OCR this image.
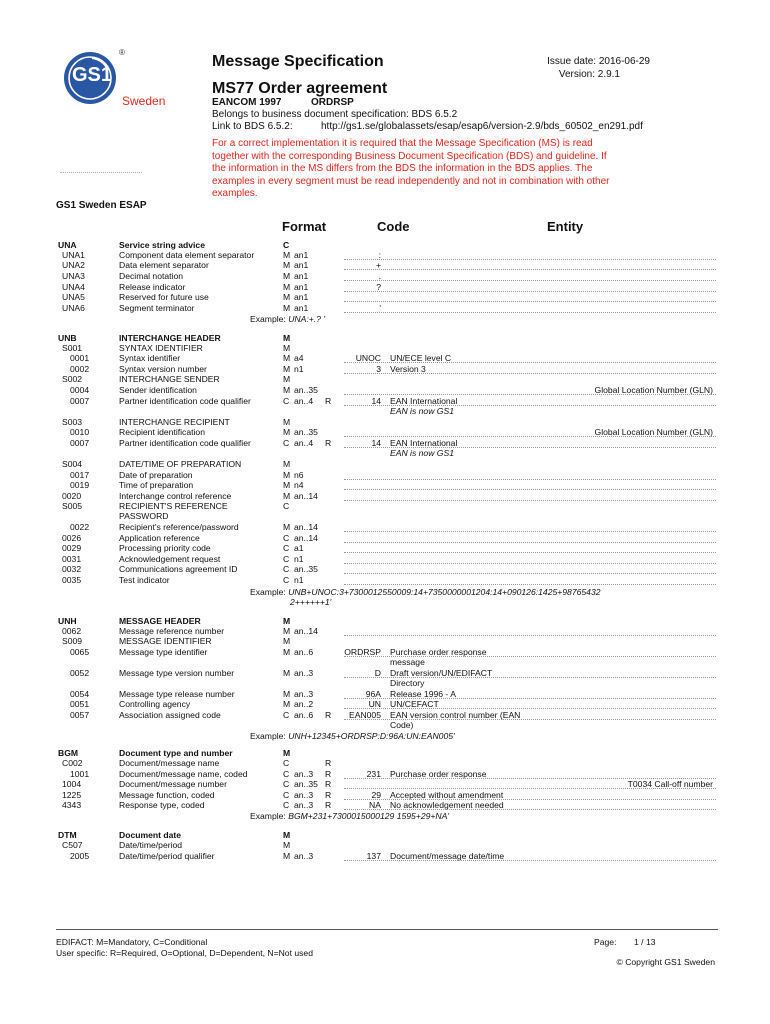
GS1
®
Sweden
Message Specification	Issue date: 2016-06-29
Version: 2.9.1
MS77 Order agreement
EANCOM 1997	ORDRSP
Belongs to business document specification: BDS 6.5.2
Link to BDS 6.5.2:	http://gs1.se/globalassets/esap/esap6/version-2.9/bds_60502_en291.pdf
For a correct implementation it is required that the Message Specification (MS) is read
together with the corresponding Business Document Specification (BDS) and guideline. If
the information in the MS differs from the BDS the information in the BDS applies. The
examples in every segment must be read independently and not in combination with other
examples.
GS1 Sweden ESAP
Format	Code	Entity
UNA	Service string advice	C
UNA1	Component data element separator	M an1	:
UNA2	Data element separator	M an1	+
UNA3	Decimal notation	M an1	.
UNA4	Release indicator	M an1	?
UNA5	Reserved for future use	M an1
UNA6	Segment terminator	M an1	'
UNB	INTERCHANGE HEADER	M
S001	SYNTAX IDENTIFIER	M
0001	Syntax identifier	M a4	UNOC UN/ECE level C
0002	Syntax version number	M n1	3 Version 3
S002	INTERCHANGE SENDER	M
0004	Sender identification	M an..35	Global Location Number (GLN)
0007	Partner identification code qualifier	C an..4 R	14 EAN International
EAN is now GS1
S003	INTERCHANGE RECIPIENT	M
0010	Recipient identification	M an..35	Global Location Number (GLN)
0007	Partner identification code qualifier	C an..4 R	14 EAN International
EAN is now GS1
S004	DATE/TIME OF PREPARATION	M
0017	Date of preparation	M n6
0019	Time of preparation	M n4
0020	Interchange control reference	M an..14
S005	RECIPIENT'S REFERENCE	C
PASSWORD
0022	Recipient's reference/password	M an..14
0026	Application reference	C an..14
0029	Processing priority code	C a1
0031	Acknowledgement request	C n1
0032	Communications agreement ID	C an..35
0035	Test indicator	C n1
UNH	MESSAGE HEADER	M
0062	Message reference number	M an..14
S009	MESSAGE IDENTIFIER	M
0065	Message type identifier	M an..6	ORDRSP Purchase order response
message
0052	Message type version number	M an..3	D Draft version/UN/EDIFACT
Directory
0054	Message type release number	M an..3	96A Release 1996 - A
0051	Controlling agency	M an..2	UN UN/CEFACT
0057	Association assigned code	C an..6 R EAN005 EAN version control number (EAN
Code)
BGM	Document type and number	M
C002	Document/message name	C	R
1001	Document/message name, coded	C an..3 R	231 Purchase order response
1004	Document/message number	C an..35 R	T0034 Call-off number
1225	Message function, coded	C an..3 R	29 Accepted without amendment
4343	Response type, coded	C an..3 R	NA No acknowledgement needed
DTM	Document date	M
C507	Date/time/period	M
2005	Date/time/period qualifier	M an..3	137 Document/message date/time
Example: UNA:+.? '
Example: UNB+UNOC:3+7300012550009:14+7350000001204:14+090126:1425+98765432
2++++++1'
Example: UNH+12345+ORDRSP:D:96A:UN:EAN005'
Example: BGM+231+7300015000129 1595+29+NA'
EDIFACT: M=Mandatory, C=Conditional
User specific: R=Required, O=Optional, D=Dependent, N=Not used
Page: 1 / 13
© Copyright GS1 Sweden
